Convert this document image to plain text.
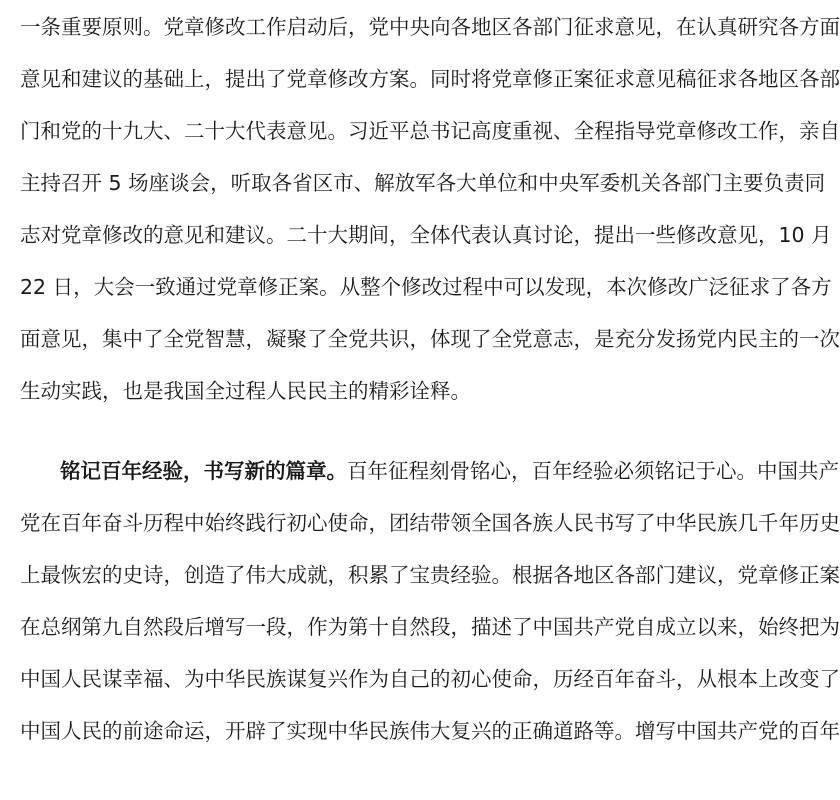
一条重要原则。党章修改工作启动后，党中央向各地区各部门征求意见，在认真研究各方面
意见和建议的基础上，提出了党章修改方案。同时将党章修正案征求意见稿征求各地区各部
门和党的十九大、二十大代表意见。习近平总书记高度重视、全程指导党章修改工作，亲自
主持召开 5 场座谈会，听取各省区市、解放军各大单位和中央军委机关各部门主要负责同
志对党章修改的意见和建议。二十大期间，全体代表认真讨论，提出一些修改意见，10 月
22 日，大会一致通过党章修正案。从整个修改过程中可以发现，本次修改广泛征求了各方
面意见，集中了全党智慧，凝聚了全党共识，体现了全党意志，是充分发扬党内民主的一次
生动实践，也是我国全过程人民民主的精彩诠释。
铭记百年经验，书写新的篇章。百年征程刻骨铭心，百年经验必须铭记于心。中国共产
党在百年奋斗历程中始终践行初心使命，团结带领全国各族人民书写了中华民族几千年历史
上最恢宏的史诗，创造了伟大成就，积累了宝贵经验。根据各地区各部门建议，党章修正案
在总纲第九自然段后增写一段，作为第十自然段，描述了中国共产党自成立以来，始终把为
中国人民谋幸福、为中华民族谋复兴作为自己的初心使命，历经百年奋斗，从根本上改变了
中国人民的前途命运，开辟了实现中华民族伟大复兴的正确道路等。增写中国共产党的百年
